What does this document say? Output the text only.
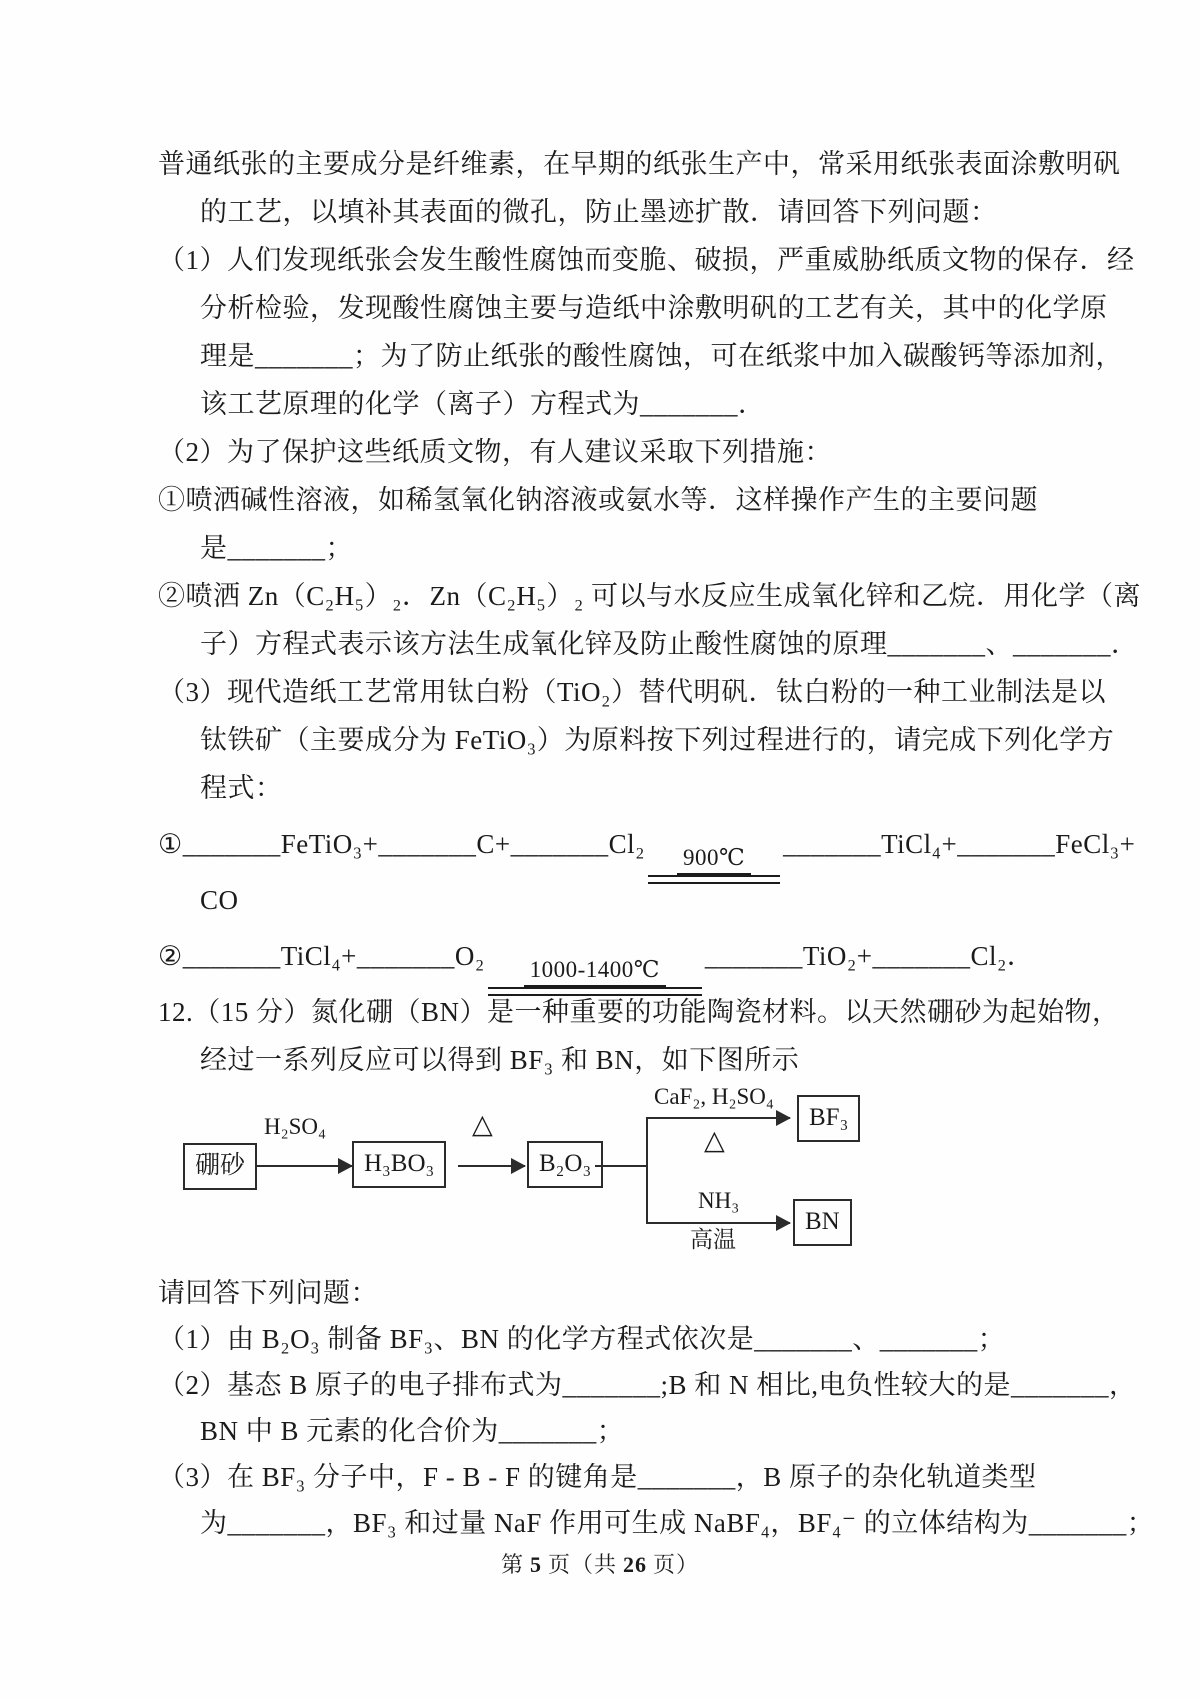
普通纸张的主要成分是纤维素，在早期的纸张生产中，常采用纸张表面涂敷明矾
的工艺，以填补其表面的微孔，防止墨迹扩散．请回答下列问题：
（1）人们发现纸张会发生酸性腐蚀而变脆、破损，严重威胁纸质文物的保存．经
分析检验，发现酸性腐蚀主要与造纸中涂敷明矾的工艺有关，其中的化学原
理是_______；为了防止纸张的酸性腐蚀，可在纸浆中加入碳酸钙等添加剂，
该工艺原理的化学（离子）方程式为_______．
（2）为了保护这些纸质文物，有人建议采取下列措施：
①喷洒碱性溶液，如稀氢氧化钠溶液或氨水等．这样操作产生的主要问题
是_______；
②喷洒 Zn（C₂H₅）₂．Zn（C₂H₅）₂ 可以与水反应生成氧化锌和乙烷．用化学（离
子）方程式表示该方法生成氧化锌及防止酸性腐蚀的原理_______、_______．
（3）现代造纸工艺常用钛白粉（TiO₂）替代明矾．钛白粉的一种工业制法是以
钛铁矿（主要成分为 FeTiO₃）为原料按下列过程进行的，请完成下列化学方
程式：
①_______FeTiO₃+_______C+_______Cl₂ 900℃ _______TiCl₄+_______FeCl₃+
CO
②_______TiCl₄+_______O₂ 1000-1400℃ _______TiO₂+_______Cl₂．
12.（15 分）氮化硼（BN）是一种重要的功能陶瓷材料。以天然硼砂为起始物，
经过一系列反应可以得到 BF₃ 和 BN，如下图所示
硼砂
H₂SO₄
H₃BO₃
△
B₂O₃
CaF₂, H₂SO₄
△
BF₃
NH₃
高温
BN
请回答下列问题：
（1）由 B₂O₃ 制备 BF₃、BN 的化学方程式依次是_______、_______；
（2）基态 B 原子的电子排布式为_______;B 和 N 相比,电负性较大的是_______，
BN 中 B 元素的化合价为_______；
（3）在 BF₃ 分子中，F - B - F 的键角是_______，B 原子的杂化轨道类型
为_______，BF₃ 和过量 NaF 作用可生成 NaBF₄，BF₄⁻ 的立体结构为_______；
第 5 页（共 26 页）
